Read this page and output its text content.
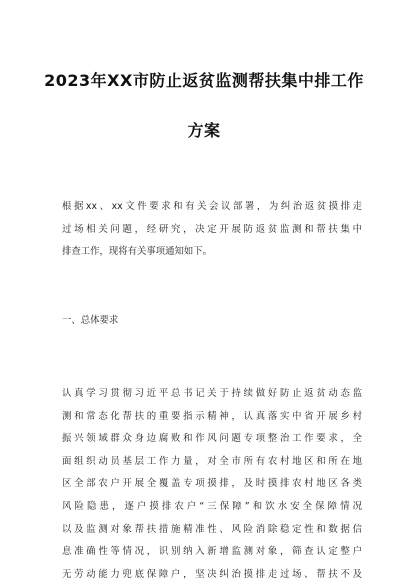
2023年XX市防止返贫监测帮扶集中排工作
方案
根据xx、xx文件要求和有关会议部署，为纠治返贫摸排走
过场相关问题，经研究，决定开展防返贫监测和帮扶集中
排查工作，现将有关事项通知如下。
一、总体要求
认真学习贯彻习近平总书记关于持续做好防止返贫动态监
测和常态化帮扶的重要指示精神，认真落实中省开展乡村
振兴领域群众身边腐败和作风问题专项整治工作要求，全
面组织动员基层工作力量，对全市所有农村地区和所在地
区全部农户开展全覆盖专项摸排，及时摸排农村地区各类
风险隐患，逐户摸排农户“三保障”和饮水安全保障情况
以及监测对象帮扶措施精准性、风险消除稳定性和数据信
息准确性等情况，识别纳入新增监测对象，筛查认定整户
无劳动能力兜底保障户，坚决纠治摸排走过场、帮扶不及
